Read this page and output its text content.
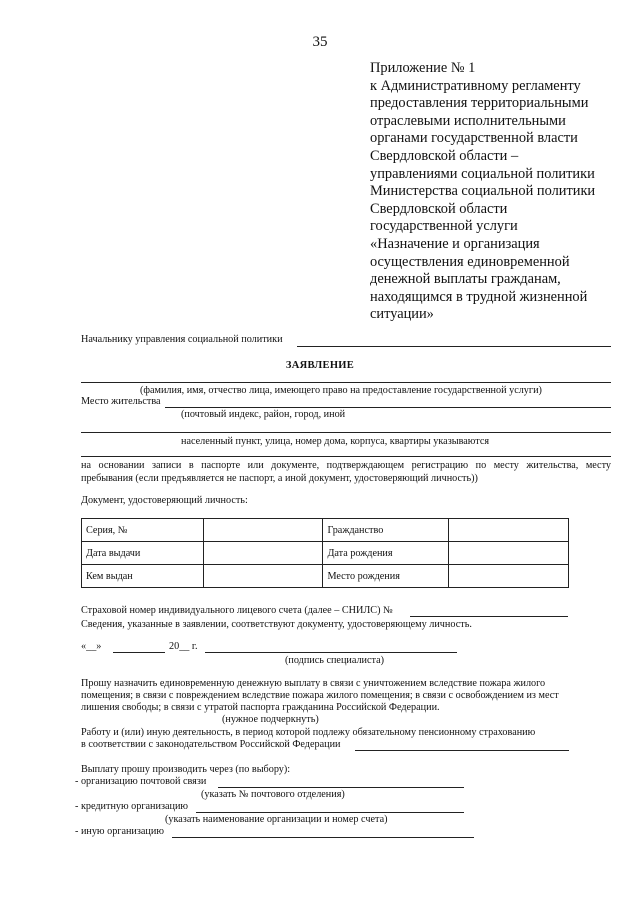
35
Приложение № 1
к Административному регламенту
предоставления территориальными
отраслевыми исполнительными
органами государственной власти
Свердловской области –
управлениями социальной политики
Министерства социальной политики
Свердловской области
государственной услуги
«Назначение и организация
осуществления единовременной
денежной выплаты гражданам,
находящимся в трудной жизненной
ситуации»
Начальнику управления социальной политики
ЗАЯВЛЕНИЕ
(фамилия, имя, отчество лица, имеющего право на предоставление государственной услуги)
Место жительства
(почтовый индекс, район, город, иной
населенный пункт, улица, номер дома, корпуса, квартиры указываются
на основании записи в паспорте или документе, подтверждающем регистрацию по месту жительства, месту
пребывания (если предъявляется не паспорт, а иной документ, удостоверяющий личность))
Документ, удостоверяющий личность:
Серия, №		Гражданство	
Дата выдачи		Дата рождения	
Кем выдан		Место рождения	
Страховой номер индивидуального лицевого счета (далее – СНИЛС) №
Сведения, указанные в заявлении, соответствуют документу, удостоверяющему личность.
«__»	20__ г.
(подпись специалиста)
Прошу назначить единовременную денежную выплату в связи с уничтожением вследствие пожара жилого
помещения; в связи с повреждением вследствие пожара жилого помещения; в связи с освобождением из мест
лишения свободы; в связи с утратой паспорта гражданина Российской Федерации.
(нужное подчеркнуть)
Работу и (или) иную деятельность, в период которой подлежу обязательному пенсионному страхованию
в соответствии с законодательством Российской Федерации
Выплату прошу производить через (по выбору):
- организацию почтовой связи
(указать № почтового отделения)
- кредитную организацию
(указать наименование организации и номер счета)
- иную организацию
